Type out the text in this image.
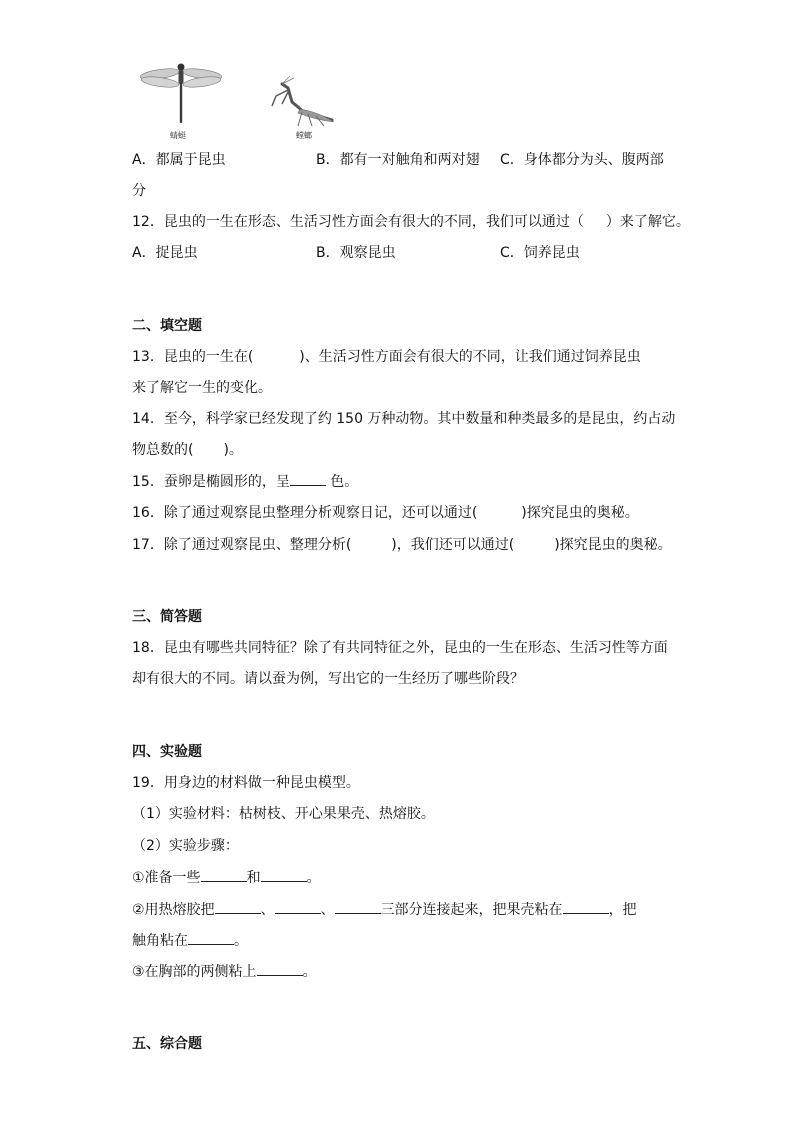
蜻蜓	螳螂
A．都属于昆虫	B．都有一对触角和两对翅 C．身体都分为头、腹两部
分
12．昆虫的一生在形态、生活习性方面会有很大的不同，我们可以通过（ ）来了解它。
A．捉昆虫	B．观察昆虫	C．饲养昆虫
二、填空题
13．昆虫的一生在(	)、生活习性方面会有很大的不同，让我们通过饲养昆虫
来了解它一生的变化。
14．至今，科学家已经发现了约 150 万种动物。其中数量和种类最多的是昆虫，约占动
物总数的( )。
15．蚕卵是椭圆形的，呈	色。
16．除了通过观察昆虫整理分析观察日记，还可以通过(	)探究昆虫的奥秘。
17．除了通过观察昆虫、整理分析(	)，我们还可以通过(	)探究昆虫的奥秘。
三、简答题
18．昆虫有哪些共同特征？除了有共同特征之外，昆虫的一生在形态、生活习性等方面
却有很大的不同。请以蚕为例，写出它的一生经历了哪些阶段？
四、实验题
19．用身边的材料做一种昆虫模型。
（1）实验材料：枯树枝、开心果果壳、热熔胶。
（2）实验步骤：
①准备一些	和	。
②用热熔胶把	、	、	三部分连接起来，把果壳粘在	，把
触角粘在	。
③在胸部的两侧粘上	。
五、综合题
